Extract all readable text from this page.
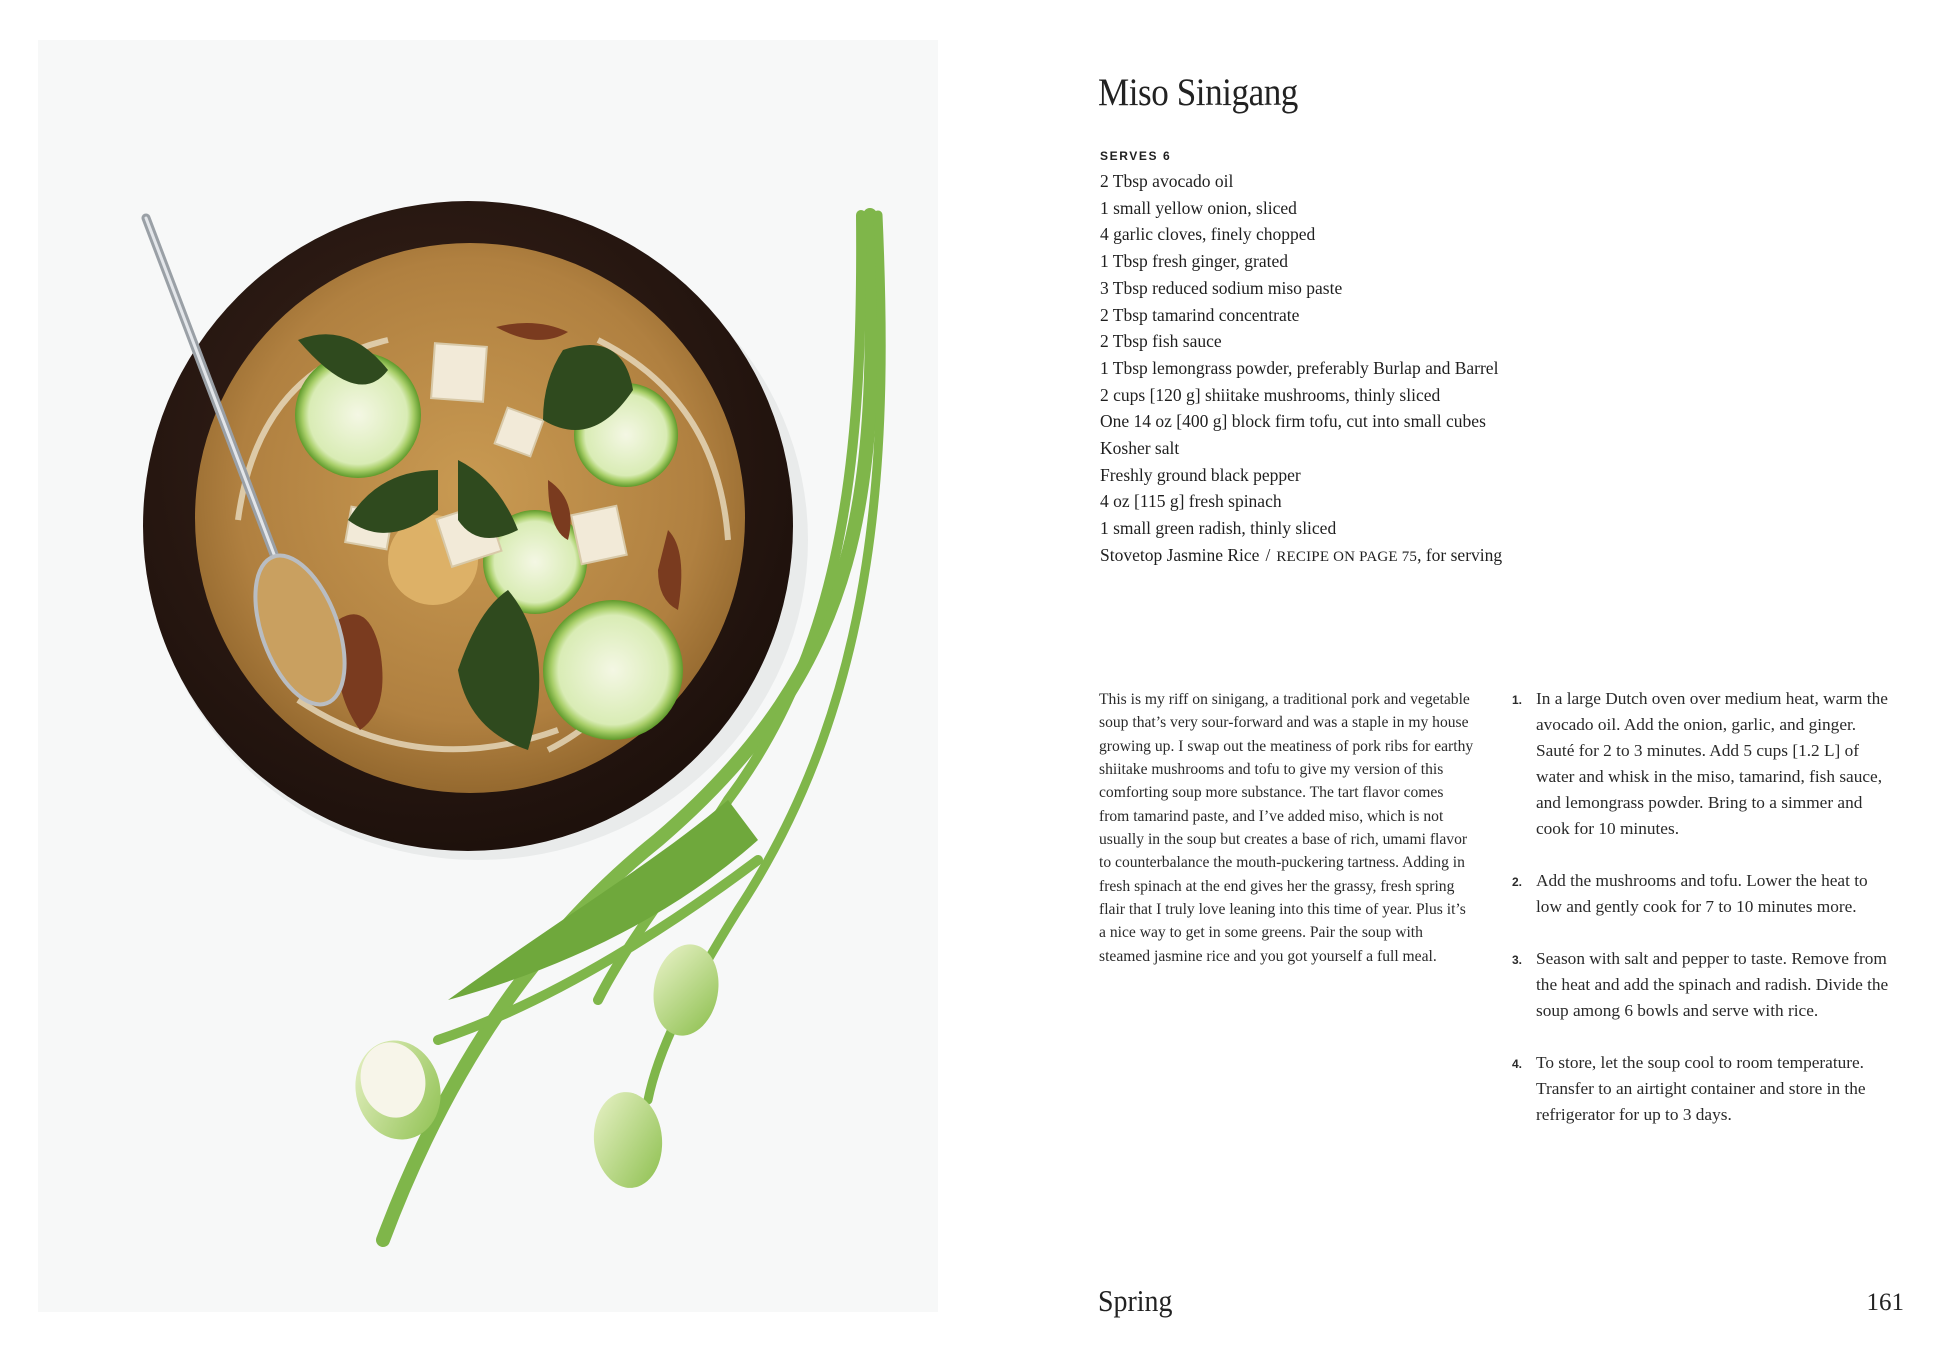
Miso Sinigang
SERVES 6
2 Tbsp avocado oil
1 small yellow onion, sliced
4 garlic cloves, finely chopped
1 Tbsp fresh ginger, grated
3 Tbsp reduced sodium miso paste
2 Tbsp tamarind concentrate
2 Tbsp fish sauce
1 Tbsp lemongrass powder, preferably Burlap and Barrel
2 cups [120 g] shiitake mushrooms, thinly sliced
One 14 oz [400 g] block firm tofu, cut into small cubes
Kosher salt
Freshly ground black pepper
4 oz [115 g] fresh spinach
1 small green radish, thinly sliced
Stovetop Jasmine Rice / RECIPE ON PAGE 75, for serving

This is my riff on sinigang, a traditional pork and vegetable soup that’s very sour-forward and was a staple in my house growing up. I swap out the meatiness of pork ribs for earthy shiitake mushrooms and tofu to give my version of this comforting soup more substance. The tart flavor comes from tamarind paste, and I’ve added miso, which is not usually in the soup but creates a base of rich, umami flavor to counterbalance the mouth-puckering tartness. Adding in fresh spinach at the end gives her the grassy, fresh spring flair that I truly love leaning into this time of year. Plus it’s a nice way to get in some greens. Pair the soup with steamed jasmine rice and you got yourself a full meal.

1. In a large Dutch oven over medium heat, warm the avocado oil. Add the onion, garlic, and ginger. Sauté for 2 to 3 minutes. Add 5 cups [1.2 L] of water and whisk in the miso, tamarind, fish sauce, and lemongrass powder. Bring to a simmer and cook for 10 minutes.
2. Add the mushrooms and tofu. Lower the heat to low and gently cook for 7 to 10 minutes more.
3. Season with salt and pepper to taste. Remove from the heat and add the spinach and radish. Divide the soup among 6 bowls and serve with rice.
4. To store, let the soup cool to room temperature. Transfer to an airtight container and store in the refrigerator for up to 3 days.
Spring	161
